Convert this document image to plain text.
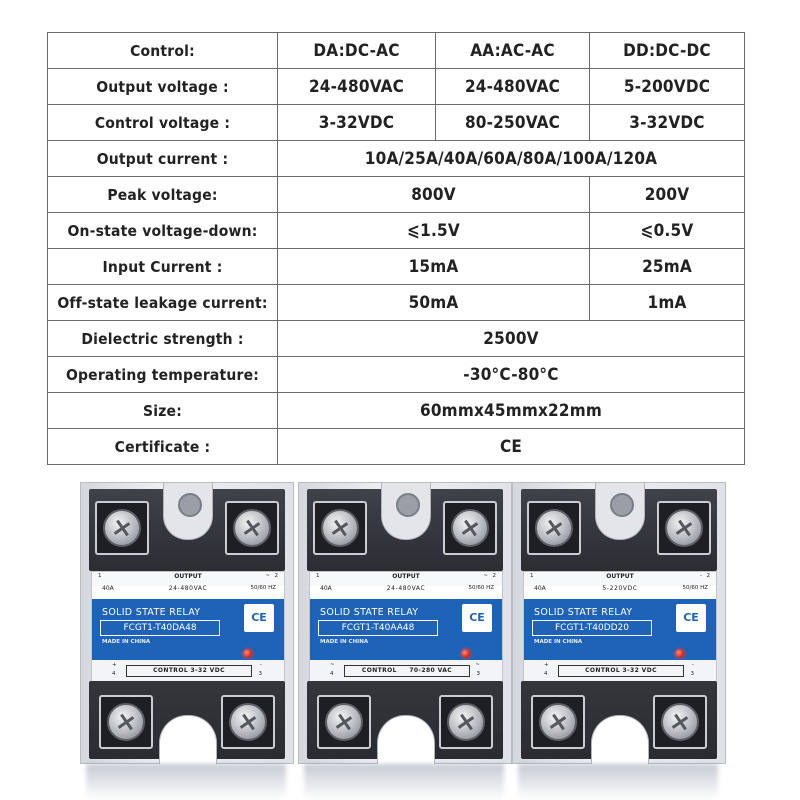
Control:	DA:DC-AC	AA:AC-AC	DD:DC-DC
Output voltage :	24-480VAC	24-480VAC	5-200VDC
Control voltage :	3-32VDC	80-250VAC	3-32VDC
Output current :	10A/25A/40A/60A/80A/100A/120A		
Peak voltage:	800V		200V
On-state voltage-down:	⩽1.5V		⩽0.5V
Input Current :	15mA		25mA
Off-state leakage current:	50mA		1mA
Dielectric strength :	2500V		
Operating temperature:	-30°C-80°C		
Size:	60mmx45mmx22mm		
Certificate :	CE		
1	OUTPUT	~ 2
40A	24-480VAC	50/60 HZ
SOLID STATE RELAY	CE
FCGT1-T40DA48
MADE IN CHINA
+
4	CONTROL 3-32 VDC	3
-
1	OUTPUT	~ 2
40A	24-480VAC	50/60 HZ
SOLID STATE RELAY	CE
FCGT1-T40AA48
MADE IN CHINA
~
4	CONTROL     70-280 VAC	3
~
1	OUTPUT	- 2
40A	5-220VDC	50/60 HZ
SOLID STATE RELAY	CE
FCGT1-T40DD20
MADE IN CHINA
+
4	CONTROL 3-32 VDC	3
-
